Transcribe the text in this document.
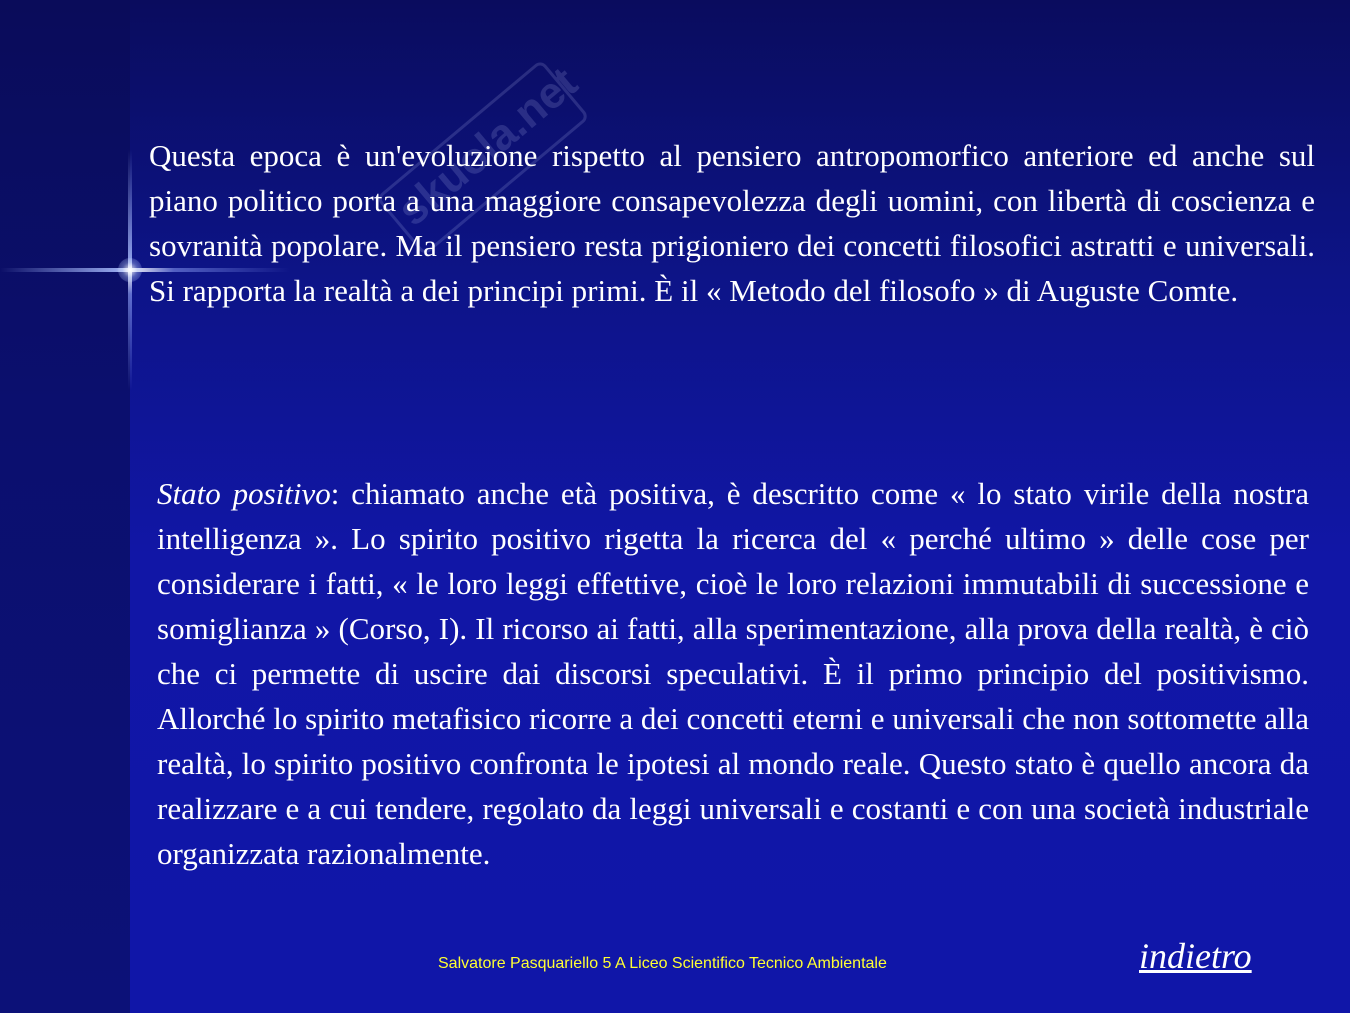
skuola.net

Questa epoca è un'evoluzione rispetto al pensiero antropomorfico anteriore ed anche sul piano politico porta a una maggiore consapevolezza degli uomini, con libertà di coscienza e sovranità popolare. Ma il pensiero resta prigioniero dei concetti filosofici astratti e universali. Si rapporta la realtà a dei principi primi. È il « Metodo del filosofo » di Auguste Comte.

Stato positivo: chiamato anche età positiva, è descritto come « lo stato virile della nostra intelligenza ». Lo spirito positivo rigetta la ricerca del « perché ultimo » delle cose per considerare i fatti, « le loro leggi effettive, cioè le loro relazioni immutabili di successione e somiglianza » (Corso, I). Il ricorso ai fatti, alla sperimentazione, alla prova della realtà, è ciò che ci permette di uscire dai discorsi speculativi. È il primo principio del positivismo. Allorché lo spirito metafisico ricorre a dei concetti eterni e universali che non sottomette alla realtà, lo spirito positivo confronta le ipotesi al mondo reale. Questo stato è quello ancora da realizzare e a cui tendere, regolato da leggi universali e costanti e con una società industriale organizzata razionalmente.

Salvatore Pasquariello 5 A Liceo Scientifico Tecnico Ambientale	indietro
